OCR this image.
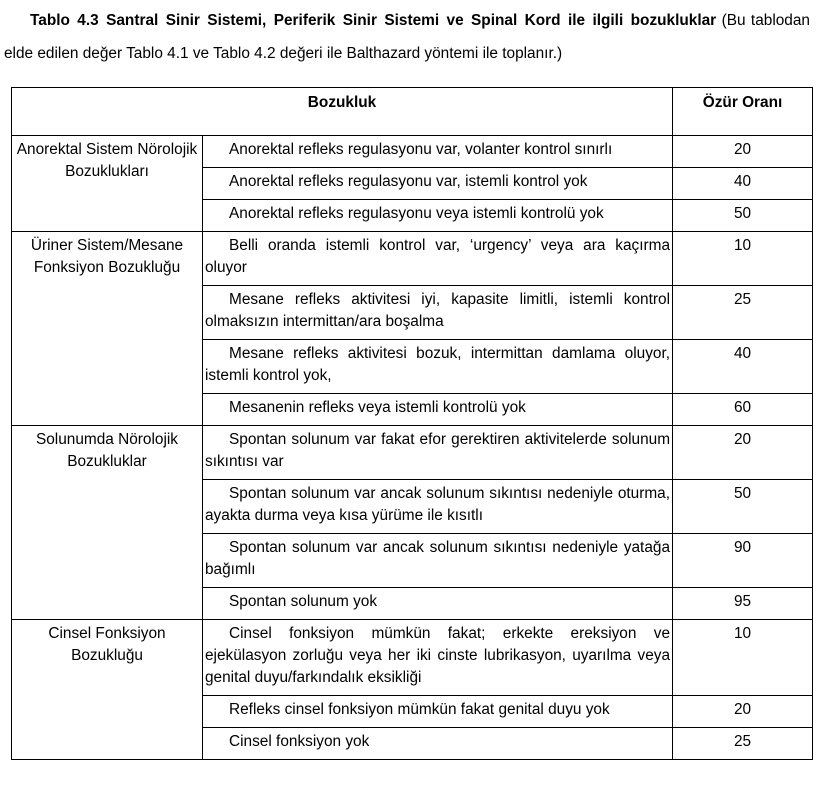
Tablo 4.3 Santral Sinir Sistemi, Periferik Sinir Sistemi ve Spinal Kord ile ilgili bozukluklar (Bu tablodan elde edilen değer Tablo 4.1 ve Tablo 4.2 değeri ile Balthazard yöntemi ile toplanır.)

Bozukluk		Özür Oranı
Anorektal Sistem Nörolojik Bozuklukları	Anorektal refleks regulasyonu var, volanter kontrol sınırlı	20
	Anorektal refleks regulasyonu var, istemli kontrol yok	40
	Anorektal refleks regulasyonu veya istemli kontrolü yok	50
Üriner Sistem/Mesane Fonksiyon Bozukluğu	Belli oranda istemli kontrol var, ‘urgency’ veya ara kaçırma oluyor	10
	Mesane refleks aktivitesi iyi, kapasite limitli, istemli kontrol olmaksızın intermittan/ara boşalma	25
	Mesane refleks aktivitesi bozuk, intermittan damlama oluyor, istemli kontrol yok,	40
	Mesanenin refleks veya istemli kontrolü yok	60
Solunumda Nörolojik Bozukluklar	Spontan solunum var fakat efor gerektiren aktivitelerde solunum sıkıntısı var	20
	Spontan solunum var ancak solunum sıkıntısı nedeniyle oturma, ayakta durma veya kısa yürüme ile kısıtlı	50
	Spontan solunum var ancak solunum sıkıntısı nedeniyle yatağa bağımlı	90
	Spontan solunum yok	95
Cinsel Fonksiyon Bozukluğu	Cinsel fonksiyon mümkün fakat; erkekte ereksiyon ve ejekülasyon zorluğu veya her iki cinste lubrikasyon, uyarılma veya genital duyu/farkındalık eksikliği	10
	Refleks cinsel fonksiyon mümkün fakat genital duyu yok	20
	Cinsel fonksiyon yok	25
